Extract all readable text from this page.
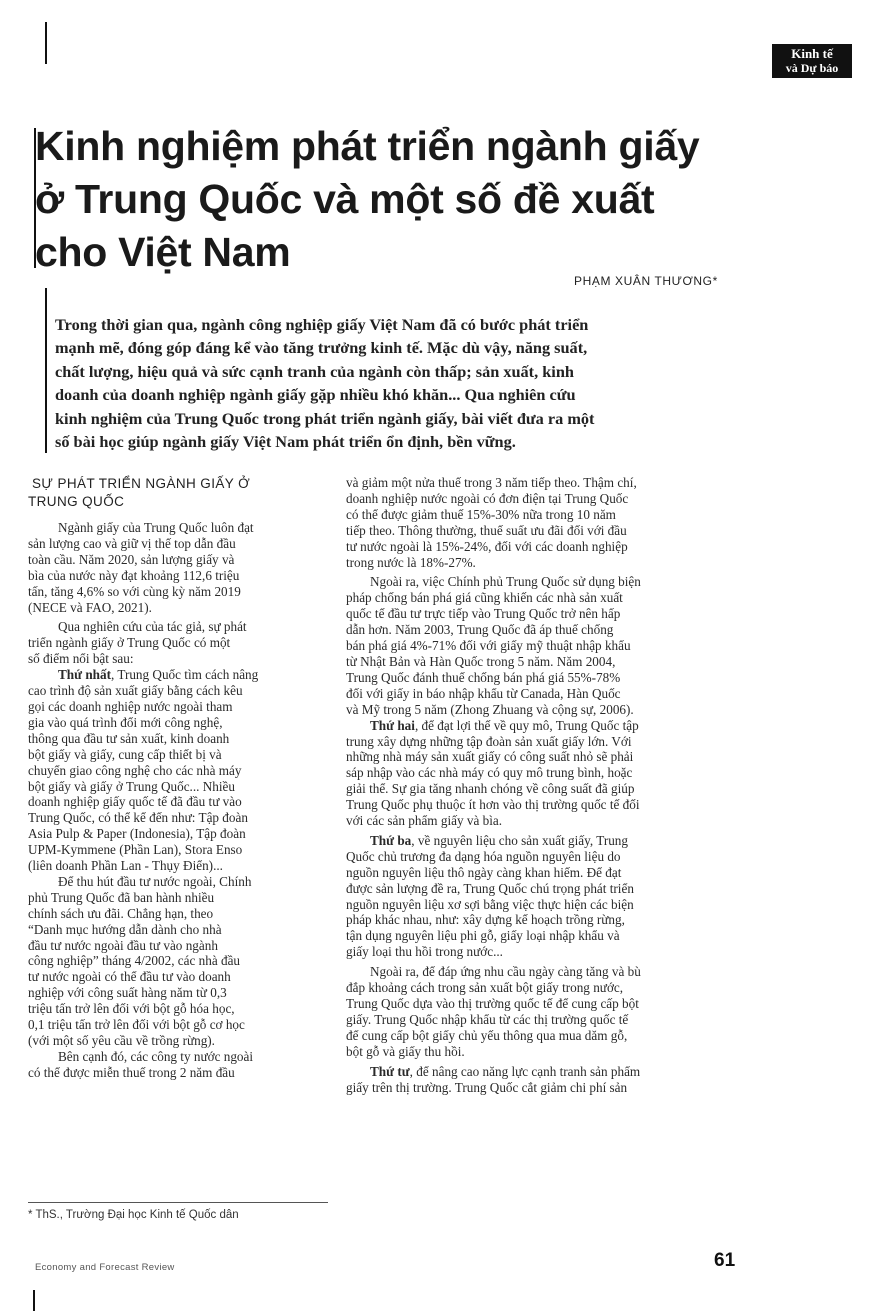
Kinh tế
và Dự báo
Kinh nghiệm phát triển ngành giấy
ở Trung Quốc và một số đề xuất
cho Việt Nam
PHẠM XUÂN THƯƠNG*
Trong thời gian qua, ngành công nghiệp giấy Việt Nam đã có bước phát triển
mạnh mẽ, đóng góp đáng kể vào tăng trưởng kinh tế. Mặc dù vậy, năng suất,
chất lượng, hiệu quả và sức cạnh tranh của ngành còn thấp; sản xuất, kinh
doanh của doanh nghiệp ngành giấy gặp nhiều khó khăn... Qua nghiên cứu
kinh nghiệm của Trung Quốc trong phát triển ngành giấy, bài viết đưa ra một
số bài học giúp ngành giấy Việt Nam phát triển ổn định, bền vững.
SỰ PHÁT TRIỂN NGÀNH GIẤY Ở
TRUNG QUỐC
Ngành giấy của Trung Quốc luôn đạt
sản lượng cao và giữ vị thế top dẫn đầu
toàn cầu. Năm 2020, sản lượng giấy và
bìa của nước này đạt khoảng 112,6 triệu
tấn, tăng 4,6% so với cùng kỳ năm 2019
(NECE và FAO, 2021).
Qua nghiên cứu của tác giả, sự phát
triển ngành giấy ở Trung Quốc có một
số điểm nổi bật sau:
Thứ nhất, Trung Quốc tìm cách nâng
cao trình độ sản xuất giấy bằng cách kêu
gọi các doanh nghiệp nước ngoài tham
gia vào quá trình đổi mới công nghệ,
thông qua đầu tư sản xuất, kinh doanh
bột giấy và giấy, cung cấp thiết bị và
chuyển giao công nghệ cho các nhà máy
bột giấy và giấy ở Trung Quốc... Nhiều
doanh nghiệp giấy quốc tế đã đầu tư vào
Trung Quốc, có thể kể đến như: Tập đoàn
Asia Pulp & Paper (Indonesia), Tập đoàn
UPM-Kymmene (Phần Lan), Stora Enso
(liên doanh Phần Lan - Thụy Điển)...
Để thu hút đầu tư nước ngoài, Chính
phủ Trung Quốc đã ban hành nhiều
chính sách ưu đãi. Chẳng hạn, theo
“Danh mục hướng dẫn dành cho nhà
đầu tư nước ngoài đầu tư vào ngành
công nghiệp” tháng 4/2002, các nhà đầu
tư nước ngoài có thể đầu tư vào doanh
nghiệp với công suất hàng năm từ 0,3
triệu tấn trở lên đối với bột gỗ hóa học,
0,1 triệu tấn trở lên đối với bột gỗ cơ học
(với một số yêu cầu về trồng rừng).
Bên cạnh đó, các công ty nước ngoài
có thể được miễn thuế trong 2 năm đầu
và giảm một nửa thuế trong 3 năm tiếp theo. Thậm chí,
doanh nghiệp nước ngoài có đơn điện tại Trung Quốc
có thể được giảm thuế 15%-30% nữa trong 10 năm
tiếp theo. Thông thường, thuế suất ưu đãi đối với đầu
tư nước ngoài là 15%-24%, đối với các doanh nghiệp
trong nước là 18%-27%.
Ngoài ra, việc Chính phủ Trung Quốc sử dụng biện
pháp chống bán phá giá cũng khiến các nhà sản xuất
quốc tế đầu tư trực tiếp vào Trung Quốc trở nên hấp
dẫn hơn. Năm 2003, Trung Quốc đã áp thuế chống
bán phá giá 4%-71% đối với giấy mỹ thuật nhập khẩu
từ Nhật Bản và Hàn Quốc trong 5 năm. Năm 2004,
Trung Quốc đánh thuế chống bán phá giá 55%-78%
đối với giấy in báo nhập khẩu từ Canada, Hàn Quốc
và Mỹ trong 5 năm (Zhong Zhuang và cộng sự, 2006).
Thứ hai, để đạt lợi thế về quy mô, Trung Quốc tập
trung xây dựng những tập đoàn sản xuất giấy lớn. Với
những nhà máy sản xuất giấy có công suất nhỏ sẽ phải
sáp nhập vào các nhà máy có quy mô trung bình, hoặc
giải thể. Sự gia tăng nhanh chóng về công suất đã giúp
Trung Quốc phụ thuộc ít hơn vào thị trường quốc tế đối
với các sản phẩm giấy và bìa.
Thứ ba, về nguyên liệu cho sản xuất giấy, Trung
Quốc chủ trương đa dạng hóa nguồn nguyên liệu do
nguồn nguyên liệu thô ngày càng khan hiếm. Để đạt
được sản lượng đề ra, Trung Quốc chú trọng phát triển
nguồn nguyên liệu xơ sợi bằng việc thực hiện các biện
pháp khác nhau, như: xây dựng kế hoạch trồng rừng,
tận dụng nguyên liệu phi gỗ, giấy loại nhập khẩu và
giấy loại thu hồi trong nước...
Ngoài ra, để đáp ứng nhu cầu ngày càng tăng và bù
đắp khoảng cách trong sản xuất bột giấy trong nước,
Trung Quốc dựa vào thị trường quốc tế để cung cấp bột
giấy. Trung Quốc nhập khẩu từ các thị trường quốc tế
để cung cấp bột giấy chủ yếu thông qua mua dăm gỗ,
bột gỗ và giấy thu hồi.
Thứ tư, để nâng cao năng lực cạnh tranh sản phẩm
giấy trên thị trường. Trung Quốc cắt giảm chi phí sản
* ThS., Trường Đại học Kinh tế Quốc dân
Economy and Forecast Review	61
